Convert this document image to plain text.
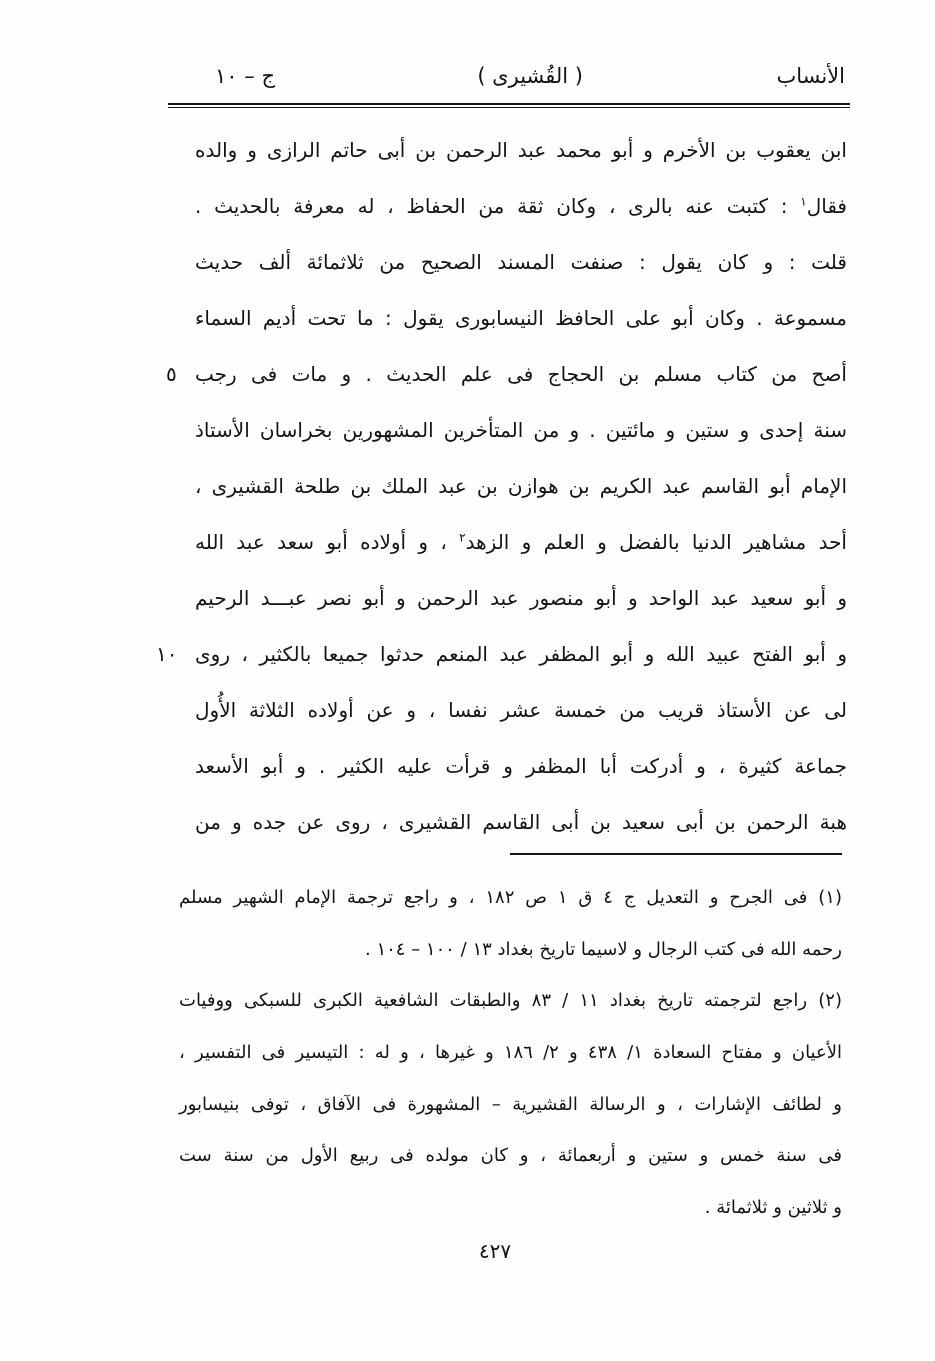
الأنساب
( القُشيرى )
ج – ١٠
ابن يعقوب بن الأخرم و أبو محمد عبد الرحمن بن أبى حاتم الرازى و والده
فقال$^١$ : كتبت عنه بالرى ، وكان ثقة من الحفاظ ، له معرفة بالحديث .
قلت : و كان يقول : صنفت المسند الصحيح من ثلاثمائة ألف حديث
مسموعة . وكان أبو على الحافظ النيسابورى يقول : ما تحت أديم السماء
أصح من كتاب مسلم بن الحجاج فى علم الحديث . و مات فى رجب
سنة إحدى و ستين و مائتين . و من المتأخرين المشهورين بخراسان الأستاذ
الإمام أبو القاسم عبد الكريم بن هوازن بن عبد الملك بن طلحة القشيرى ،
أحد مشاهير الدنيا بالفضل و العلم و الزهد$^٢$ ، و أولاده أبو سعد عبد الله
و أبو سعيد عبد الواحد و أبو منصور عبد الرحمن و أبو نصر عبـــد الرحيم
و أبو الفتح عبيد الله و أبو المظفر عبد المنعم حدثوا جميعا بالكثير ، روى
لى عن الأستاذ قريب من خمسة عشر نفسا ، و عن أولاده الثلاثة الأُول
جماعة كثيرة ، و أدركت أبا المظفر و قرأت عليه الكثير . و أبو الأسعد
هبة الرحمن بن أبى سعيد بن أبى القاسم القشيرى ، روى عن جده و من
٥
١٠
(١) فى الجرح و التعديل ج ٤ ق ١ ص ١٨٢ ، و راجع ترجمة الإمام الشهير مسلم
رحمه الله فى كتب الرجال و لاسيما تاريخ بغداد ١٣ / ١٠٠ – ١٠٤ .
(٢) راجع لترجمته تاريخ بغداد ١١ / ٨٣ والطبقات الشافعية الكبرى للسبكى ووفيات
الأعيان و مفتاح السعادة ١/ ٤٣٨ و ٢/ ١٨٦ و غيرها ، و له : التيسير فى التفسير ،
و لطائف الإشارات ، و الرسالة القشيرية – المشهورة فى الآفاق ، توفى بنيسابور
فى سنة خمس و ستين و أربعمائة ، و كان مولده فى ربيع الأول من سنة ست
و ثلاثين و ثلاثمائة .
٤٢٧
